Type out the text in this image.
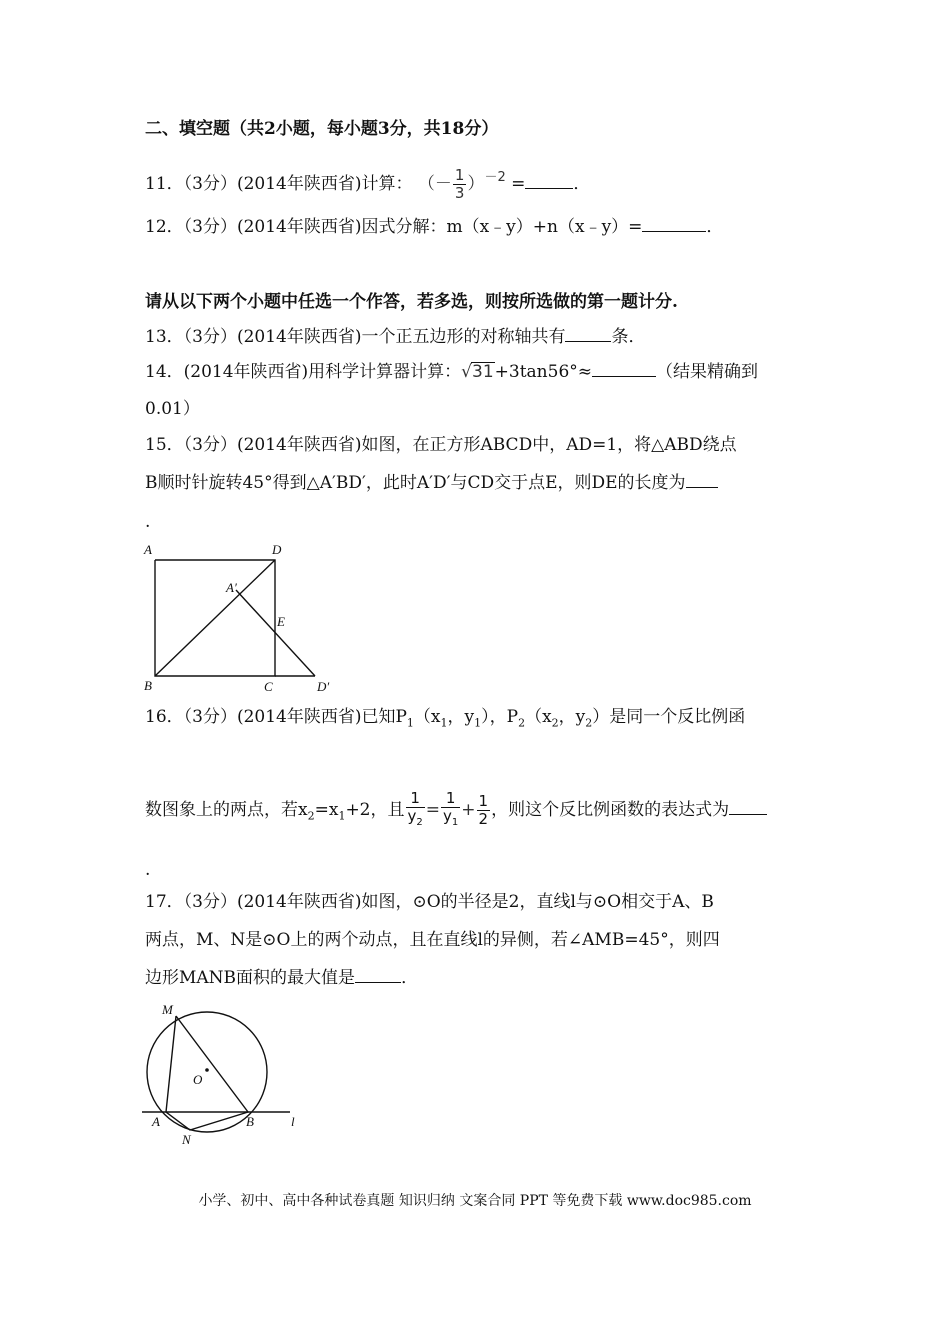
二、填空题（共2小题，每小题3分，共18分）
11．（3分）(2014年陕西省)计算： （－ $\frac{1}{3} )^{-2}$ =	．
12．（3分）(2014年陕西省)因式分解：m（x﹣y）+n（x﹣y）=	．
请从以下两个小题中任选一个作答，若多选，则按所选做的第一题计分.
13．（3分）(2014年陕西省)一个正五边形的对称轴共有	条．
14．(2014年陕西省)用科学计算器计算：√31+3tan56°≈	（结果精确到
0.01）
15．（3分）(2014年陕西省)如图，在正方形ABCD中，AD=1，将△ABD绕点
B顺时针旋转45°得到△A′BD′，此时A′D′与CD交于点E，则DE的长度为
.
A	D
A′
E
B	C	D′
16．（3分）(2014年陕西省)已知$P_1(x_1$，$y_1$），$P_2(x_2$，$y_2$）是同一个反比例函
数图象上的两点，若$x_2=x_1+2$，且 $\frac{1}{y_2} = \frac{1}{y_1} + \frac{1}{2}$ ，则这个反比例函数的表达式为
.
17．（3分）(2014年陕西省)如图，⊙O的半径是2，直线l与⊙O相交于A、B
两点，M、N是⊙O上的两个动点，且在直线l的异侧，若∠AMB=45°，则四
边形MANB面积的最大值是	．
M
O
A
N
B	l
小学、初中、高中各种试卷真题 知识归纳 文案合同 PPT 等免费下载 www.doc985.com
